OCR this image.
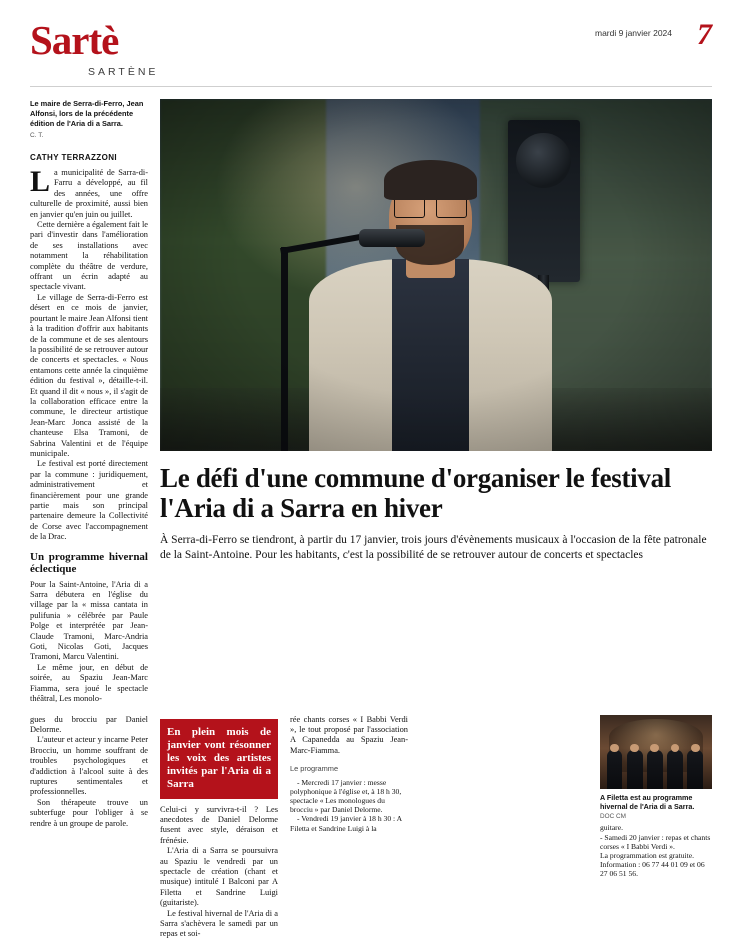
Sartè
SARTÈNE
mardi 9 janvier 2024 7
Le maire de Serra-di-Ferro, Jean Alfonsi, lors de la précédente édition de l'Aria di a Sarra.
C. T.
CATHY TERRAZZONI

La municipalité de Sarra-di-Farru a développé, au fil des années, une offre culturelle de proximité, aussi bien en janvier qu'en juin ou juillet.

Cette dernière a également fait le pari d'investir dans l'amélioration de ses installations avec notamment la réhabilitation complète du théâtre de verdure, offrant un écrin adapté au spectacle vivant.

Le village de Serra-di-Ferro est désert en ce mois de janvier, pourtant le maire Jean Alfonsi tient à la tradition d'offrir aux habitants de la commune et de ses alentours la possibilité de se retrouver autour de concerts et spectacles. « Nous entamons cette année la cinquième édition du festival », détaille-t-il. Et quand il dit « nous », il s'agit de la collaboration efficace entre la commune, le directeur artistique Jean-Marc Jonca assisté de la chanteuse Elsa Tramoni, de Sabrina Valentini et de l'équipe municipale.

Le festival est porté directement par la commune : juridiquement, administrativement et financièrement pour une grande partie mais son principal partenaire demeure la Collectivité de Corse avec l'accompagnement de la Drac.

Un programme hivernal éclectique

Pour la Saint-Antoine, l'Aria di a Sarra débutera en l'église du village par la « missa cantata in pulifunia » célébrée par Paule Polge et interprétée par Jean-Claude Tramoni, Marc-Andria Goti, Nicolas Goti, Jacques Tramoni, Marcu Valentini.

Le même jour, en début de soirée, au Spaziu Jean-Marc Fiamma, sera joué le spectacle théâtral, Les monolo-

Le défi d'une commune d'organiser le festival l'Aria di a Sarra en hiver
À Serra-di-Ferro se tiendront, à partir du 17 janvier, trois jours d'évènements musicaux à l'occasion de la fête patronale de la Saint-Antoine. Pour les habitants, c'est la possibilité de se retrouver autour de concerts et spectacles

gues du brocciu par Daniel Delorme.

L'auteur et acteur y incarne Peter Brocciu, un homme souffrant de troubles psychologiques et d'addiction à l'alcool suite à des ruptures sentimentales et professionnelles.

Son thérapeute trouve un subterfuge pour l'obliger à se rendre à un groupe de parole.

En plein mois de janvier vont résonner les voix des artistes invités par l'Aria di a Sarra

Celui-ci y survivra-t-il ? Les anecdotes de Daniel Delorme fusent avec style, déraison et frénésie.

L'Aria di a Sarra se poursuivra au Spaziu le vendredi par un spectacle de création (chant et musique) intitulé I Balconi par A Filetta et Sandrine Luigi (guitariste).

Le festival hivernal de l'Aria di a Sarra s'achèvera le samedi par un repas et soi-

rée chants corses « I Babbi Verdi », le tout proposé par l'association A Capanedda au Spaziu Jean-Marc-Fiamma.

Le programme

- Mercredi 17 janvier : messe polyphonique à l'église et, à 18 h 30, spectacle « Les monologues du brocciu » par Daniel Delorme.

- Vendredi 19 janvier à 18 h 30 : A Filetta et Sandrine Luigi à la

A Filetta est au programme hivernal de l'Aria di a Sarra.
DOC CM

guitare.

- Samedi 20 janvier : repas et chants corses « I Babbi Verdi ».

La programmation est gratuite.

Information : 06 77 44 01 09 et 06 27 06 51 56.
